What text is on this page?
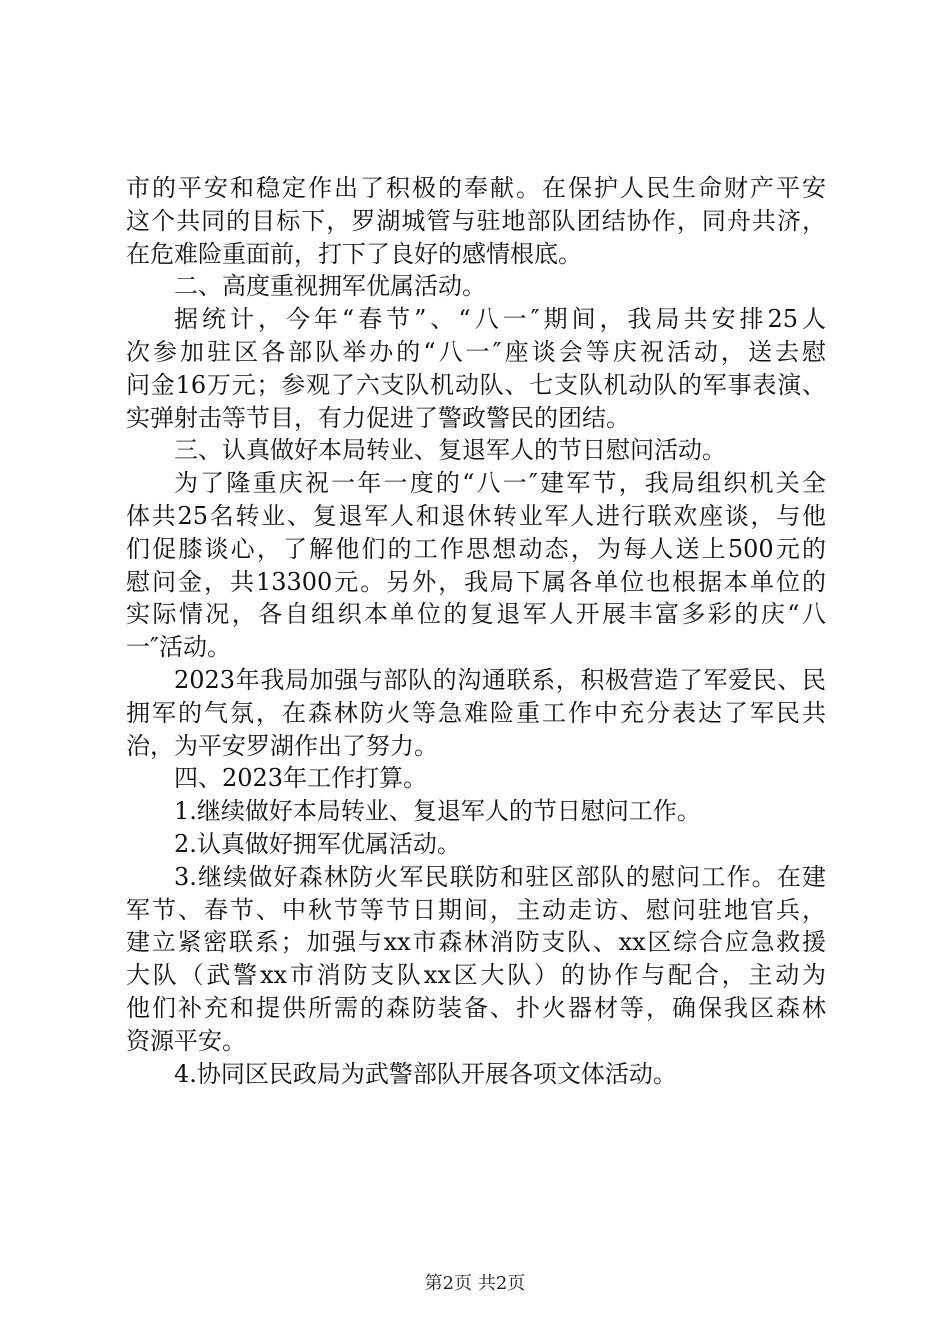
市的平安和稳定作出了积极的奉献。在保护人民生命财产平安
这个共同的目标下，罗湖城管与驻地部队团结协作，同舟共济，
在危难险重面前，打下了良好的感情根底。
二、高度重视拥军优属活动。
据统计，今年“春节”、“八一″期间，我局共安排25人
次参加驻区各部队举办的“八一″座谈会等庆祝活动，送去慰
问金16万元；参观了六支队机动队、七支队机动队的军事表演、
实弹射击等节目，有力促进了警政警民的团结。
三、认真做好本局转业、复退军人的节日慰问活动。
为了隆重庆祝一年一度的“八一″建军节，我局组织机关全
体共25名转业、复退军人和退休转业军人进行联欢座谈，与他
们促膝谈心，了解他们的工作思想动态，为每人送上500元的
慰问金，共13300元。另外，我局下属各单位也根据本单位的
实际情况，各自组织本单位的复退军人开展丰富多彩的庆“八
一″活动。
2023年我局加强与部队的沟通联系，积极营造了军爱民、民
拥军的气氛，在森林防火等急难险重工作中充分表达了军民共
治，为平安罗湖作出了努力。
四、2023年工作打算。
1.继续做好本局转业、复退军人的节日慰问工作。
2.认真做好拥军优属活动。
3.继续做好森林防火军民联防和驻区部队的慰问工作。在建
军节、春节、中秋节等节日期间，主动走访、慰问驻地官兵，
建立紧密联系；加强与xx市森林消防支队、xx区综合应急救援
大队（武警xx市消防支队xx区大队）的协作与配合，主动为
他们补充和提供所需的森防装备、扑火器材等，确保我区森林
资源平安。
4.协同区民政局为武警部队开展各项文体活动。
第2页 共2页
